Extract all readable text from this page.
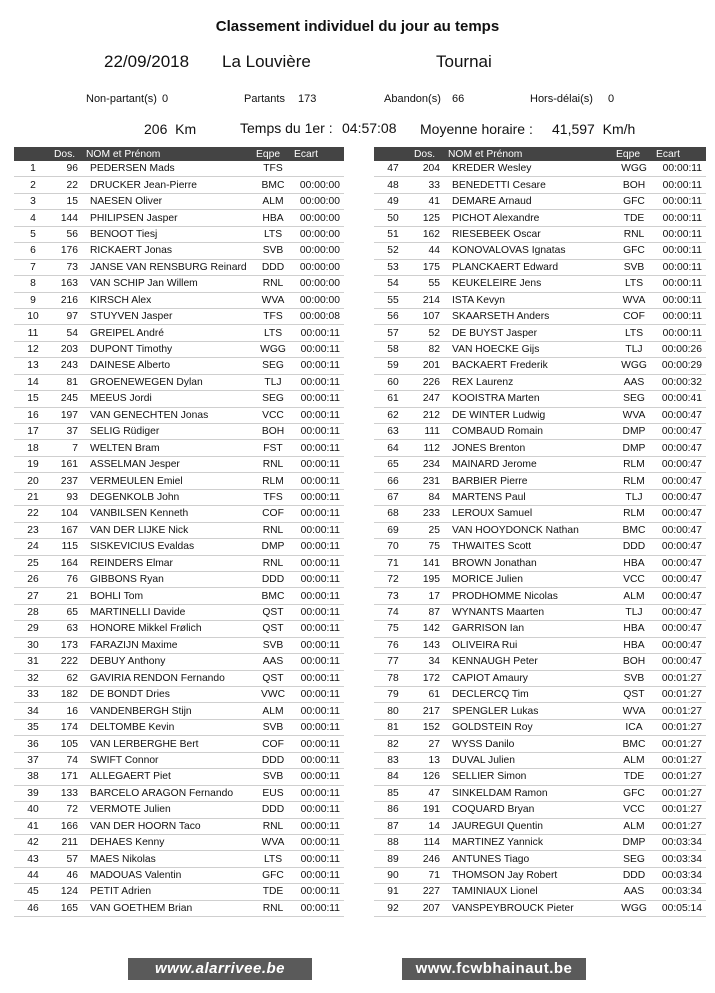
Classement individuel du jour au temps
22/09/2018 La Louvière	Tournai
Non-partant(s) 0	Partants 173	Abandon(s) 66	Hors-délai(s) 0
206  Km	Temps du 1er : 04:57:08 Moyenne horaire : 41,597  Km/h
	Dos.	NOM et Prénom	Eqpe	Ecart
1	96	PEDERSEN Mads	TFS	
2	22	DRUCKER Jean-Pierre	BMC	00:00:00
3	15	NAESEN Oliver	ALM	00:00:00
4	144	PHILIPSEN Jasper	HBA	00:00:00
5	56	BENOOT Tiesj	LTS	00:00:00
6	176	RICKAERT Jonas	SVB	00:00:00
7	73	JANSE VAN RENSBURG Reinard	DDD	00:00:00
8	163	VAN SCHIP Jan Willem	RNL	00:00:00
9	216	KIRSCH Alex	WVA	00:00:00
10	97	STUYVEN Jasper	TFS	00:00:08
11	54	GREIPEL André	LTS	00:00:11
12	203	DUPONT Timothy	WGG	00:00:11
13	243	DAINESE Alberto	SEG	00:00:11
14	81	GROENEWEGEN Dylan	TLJ	00:00:11
15	245	MEEUS Jordi	SEG	00:00:11
16	197	VAN GENECHTEN Jonas	VCC	00:00:11
17	37	SELIG Rüdiger	BOH	00:00:11
18	7	WELTEN Bram	FST	00:00:11
19	161	ASSELMAN Jesper	RNL	00:00:11
20	237	VERMEULEN Emiel	RLM	00:00:11
21	93	DEGENKOLB John	TFS	00:00:11
22	104	VANBILSEN Kenneth	COF	00:00:11
23	167	VAN DER LIJKE Nick	RNL	00:00:11
24	115	SISKEVICIUS Evaldas	DMP	00:00:11
25	164	REINDERS Elmar	RNL	00:00:11
26	76	GIBBONS Ryan	DDD	00:00:11
27	21	BOHLI Tom	BMC	00:00:11
28	65	MARTINELLI Davide	QST	00:00:11
29	63	HONORE Mikkel Frølich	QST	00:00:11
30	173	FARAZIJN Maxime	SVB	00:00:11
31	222	DEBUY Anthony	AAS	00:00:11
32	62	GAVIRIA RENDON Fernando	QST	00:00:11
33	182	DE BONDT Dries	VWC	00:00:11
34	16	VANDENBERGH Stijn	ALM	00:00:11
35	174	DELTOMBE Kevin	SVB	00:00:11
36	105	VAN LERBERGHE Bert	COF	00:00:11
37	74	SWIFT Connor	DDD	00:00:11
38	171	ALLEGAERT Piet	SVB	00:00:11
39	133	BARCELO ARAGON Fernando	EUS	00:00:11
40	72	VERMOTE Julien	DDD	00:00:11
41	166	VAN DER HOORN Taco	RNL	00:00:11
42	211	DEHAES Kenny	WVA	00:00:11
43	57	MAES Nikolas	LTS	00:00:11
44	46	MADOUAS Valentin	GFC	00:00:11
45	124	PETIT Adrien	TDE	00:00:11
46	165	VAN GOETHEM Brian	RNL	00:00:11
	Dos.	NOM et Prénom	Eqpe	Ecart
47	204	KREDER Wesley	WGG	00:00:11
48	33	BENEDETTI Cesare	BOH	00:00:11
49	41	DEMARE Arnaud	GFC	00:00:11
50	125	PICHOT Alexandre	TDE	00:00:11
51	162	RIESEBEEK Oscar	RNL	00:00:11
52	44	KONOVALOVAS Ignatas	GFC	00:00:11
53	175	PLANCKAERT Edward	SVB	00:00:11
54	55	KEUKELEIRE Jens	LTS	00:00:11
55	214	ISTA Kevyn	WVA	00:00:11
56	107	SKAARSETH Anders	COF	00:00:11
57	52	DE BUYST Jasper	LTS	00:00:11
58	82	VAN HOECKE Gijs	TLJ	00:00:26
59	201	BACKAERT Frederik	WGG	00:00:29
60	226	REX Laurenz	AAS	00:00:32
61	247	KOOISTRA Marten	SEG	00:00:41
62	212	DE WINTER Ludwig	WVA	00:00:47
63	111	COMBAUD Romain	DMP	00:00:47
64	112	JONES Brenton	DMP	00:00:47
65	234	MAINARD Jerome	RLM	00:00:47
66	231	BARBIER Pierre	RLM	00:00:47
67	84	MARTENS Paul	TLJ	00:00:47
68	233	LEROUX Samuel	RLM	00:00:47
69	25	VAN HOOYDONCK Nathan	BMC	00:00:47
70	75	THWAITES Scott	DDD	00:00:47
71	141	BROWN Jonathan	HBA	00:00:47
72	195	MORICE Julien	VCC	00:00:47
73	17	PRODHOMME Nicolas	ALM	00:00:47
74	87	WYNANTS Maarten	TLJ	00:00:47
75	142	GARRISON Ian	HBA	00:00:47
76	143	OLIVEIRA Rui	HBA	00:00:47
77	34	KENNAUGH Peter	BOH	00:00:47
78	172	CAPIOT Amaury	SVB	00:01:27
79	61	DECLERCQ Tim	QST	00:01:27
80	217	SPENGLER Lukas	WVA	00:01:27
81	152	GOLDSTEIN Roy	ICA	00:01:27
82	27	WYSS Danilo	BMC	00:01:27
83	13	DUVAL Julien	ALM	00:01:27
84	126	SELLIER Simon	TDE	00:01:27
85	47	SINKELDAM Ramon	GFC	00:01:27
86	191	COQUARD Bryan	VCC	00:01:27
87	14	JAUREGUI Quentin	ALM	00:01:27
88	114	MARTINEZ Yannick	DMP	00:03:34
89	246	ANTUNES Tiago	SEG	00:03:34
90	71	THOMSON Jay Robert	DDD	00:03:34
91	227	TAMINIAUX Lionel	AAS	00:03:34
92	207	VANSPEYBROUCK Pieter	WGG	00:05:14
www.alarrivee.be	www.fcwbhainaut.be
